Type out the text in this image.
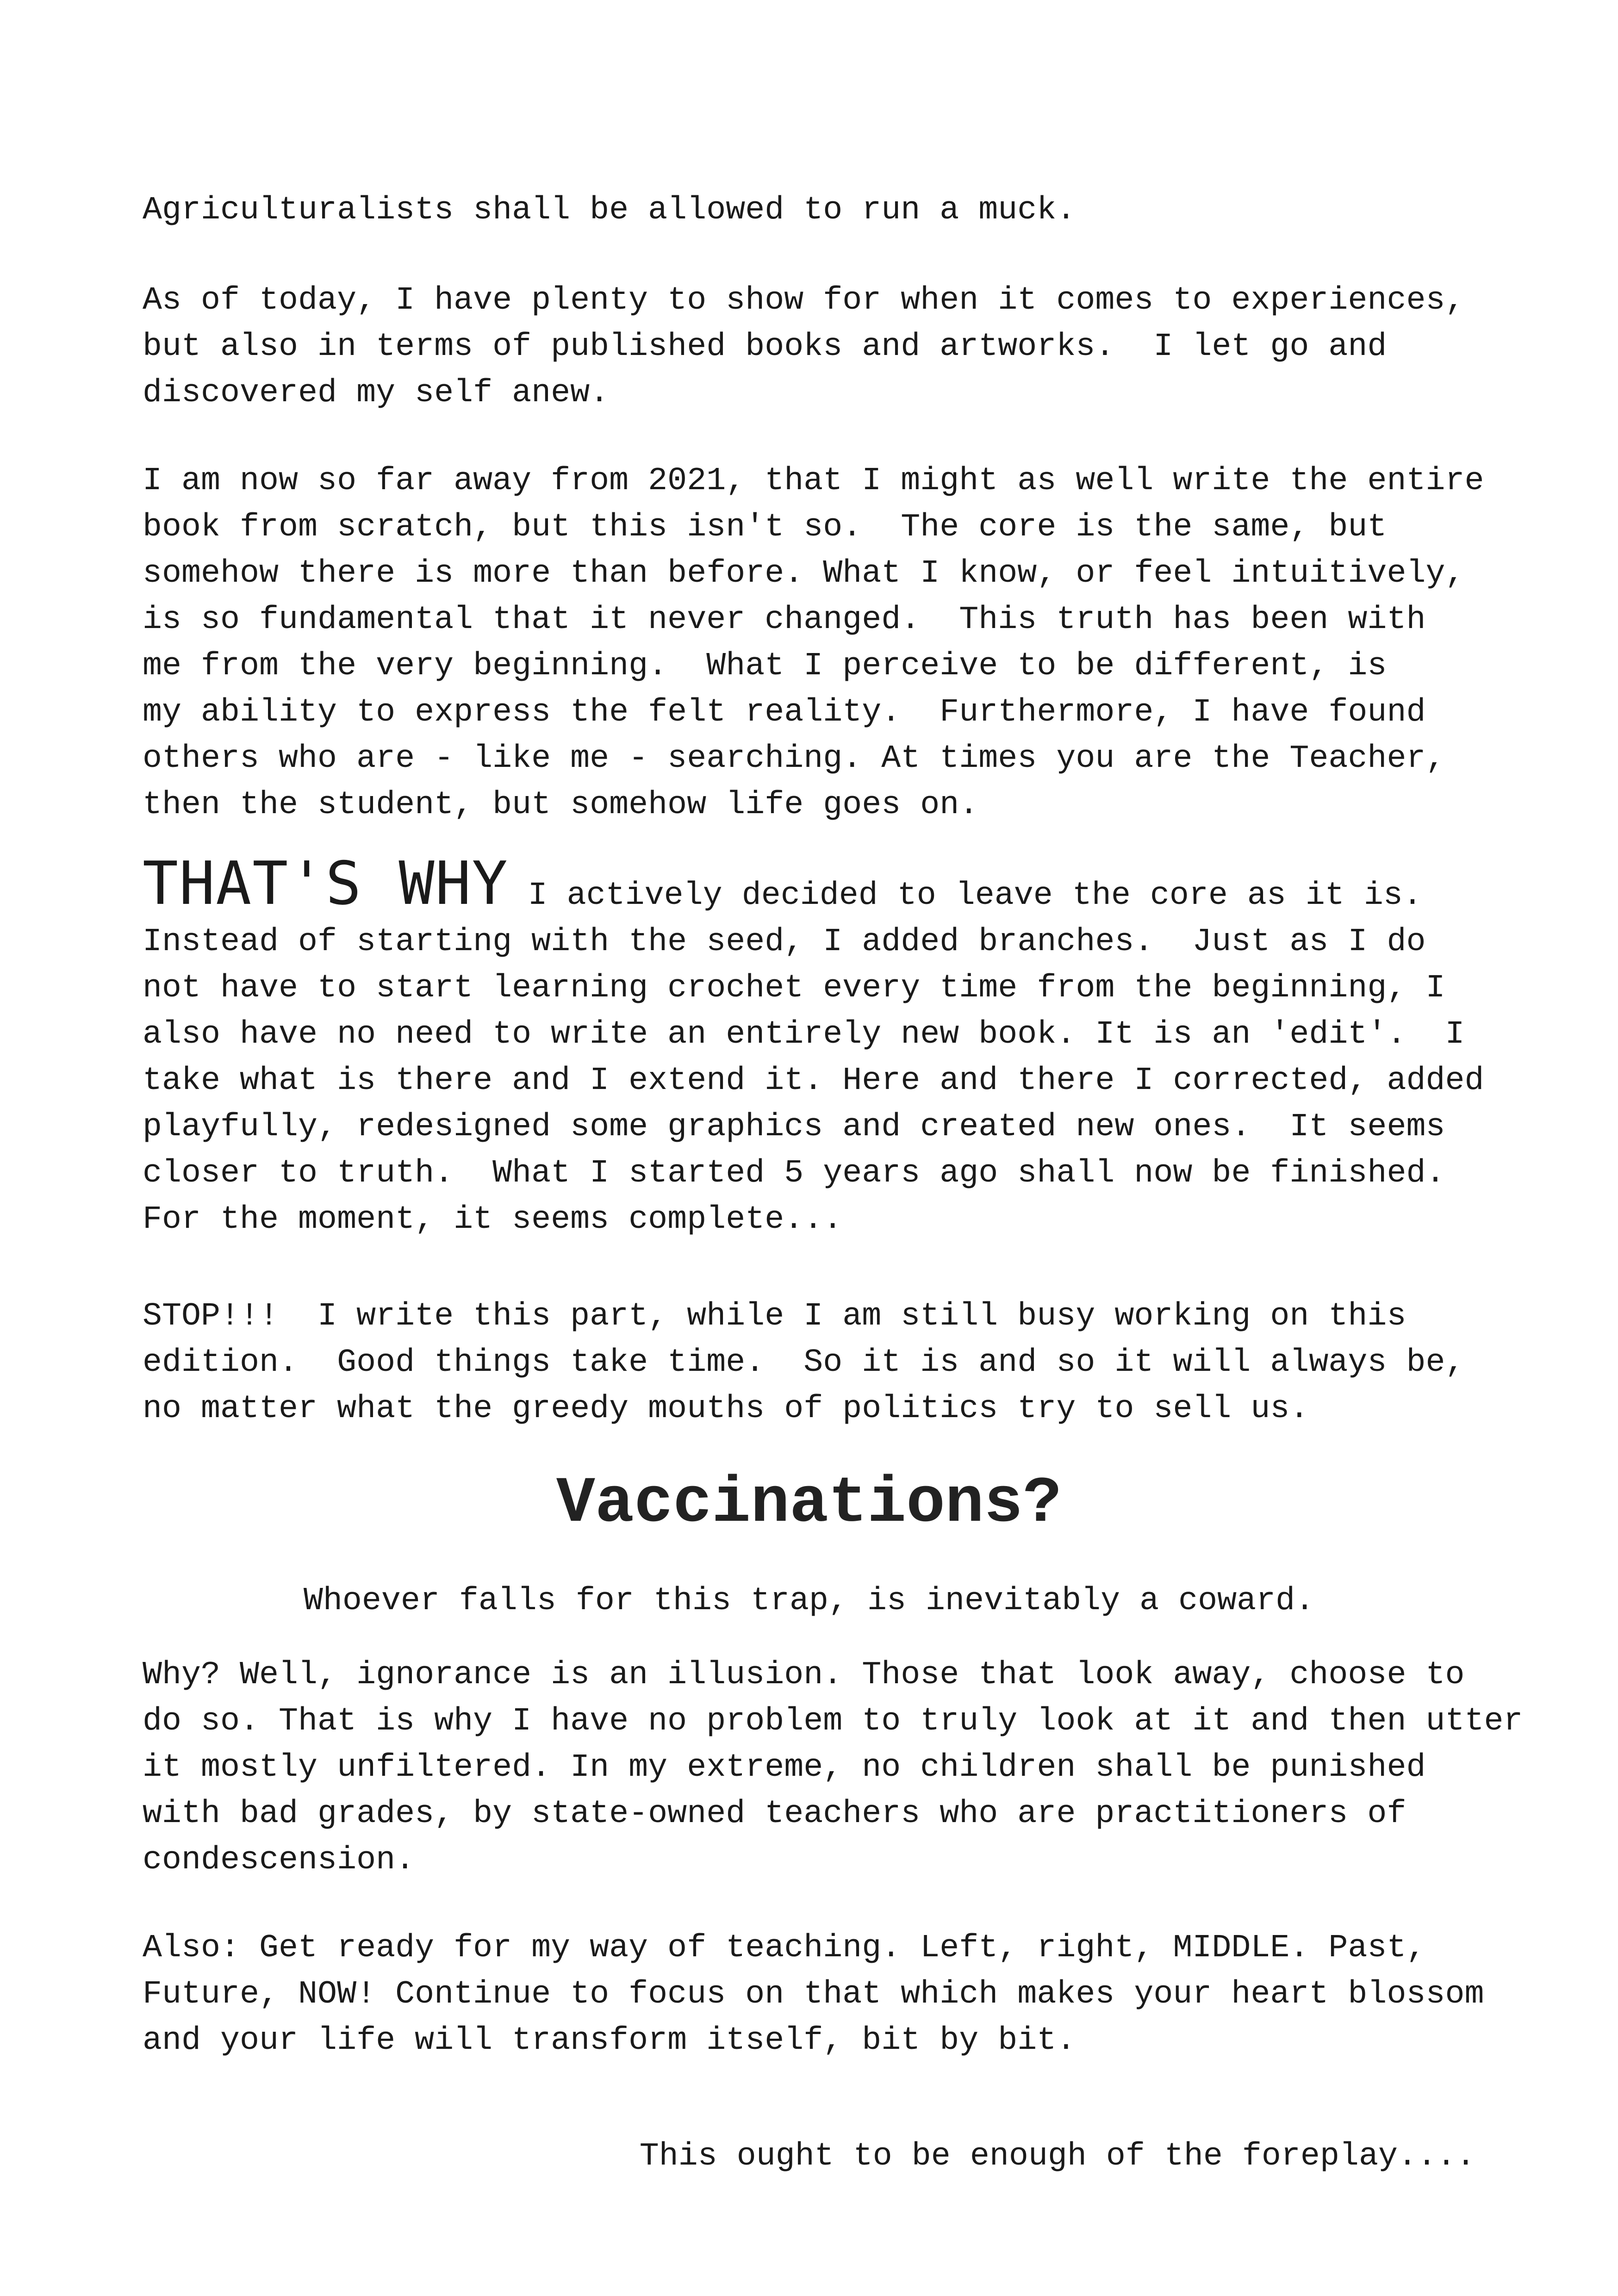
Agriculturalists shall be allowed to run a muck.

As of today, I have plenty to show for when it comes to experiences,
but also in terms of published books and artworks.  I let go and
discovered my self anew.

I am now so far away from 2021, that I might as well write the entire
book from scratch, but this isn't so.  The core is the same, but
somehow there is more than before. What I know, or feel intuitively,
is so fundamental that it never changed.  This truth has been with
me from the very beginning.  What I perceive to be different, is
my ability to express the felt reality.  Furthermore, I have found
others who are - like me - searching. At times you are the Teacher,
then the student, but somehow life goes on.

THAT'S WHY I actively decided to leave the core as it is.
Instead of starting with the seed, I added branches.  Just as I do
not have to start learning crochet every time from the beginning, I
also have no need to write an entirely new book. It is an 'edit'.  I
take what is there and I extend it. Here and there I corrected, added
playfully, redesigned some graphics and created new ones.  It seems
closer to truth.  What I started 5 years ago shall now be finished.
For the moment, it seems complete...

STOP!!!  I write this part, while I am still busy working on this
edition.  Good things take time.  So it is and so it will always be,
no matter what the greedy mouths of politics try to sell us.

Vaccinations?

Whoever falls for this trap, is inevitably a coward.

Why? Well, ignorance is an illusion. Those that look away, choose to
do so. That is why I have no problem to truly look at it and then utter
it mostly unfiltered. In my extreme, no children shall be punished
with bad grades, by state-owned teachers who are practitioners of
condescension.

Also: Get ready for my way of teaching. Left, right, MIDDLE. Past,
Future, NOW! Continue to focus on that which makes your heart blossom
and your life will transform itself, bit by bit.

This ought to be enough of the foreplay....
